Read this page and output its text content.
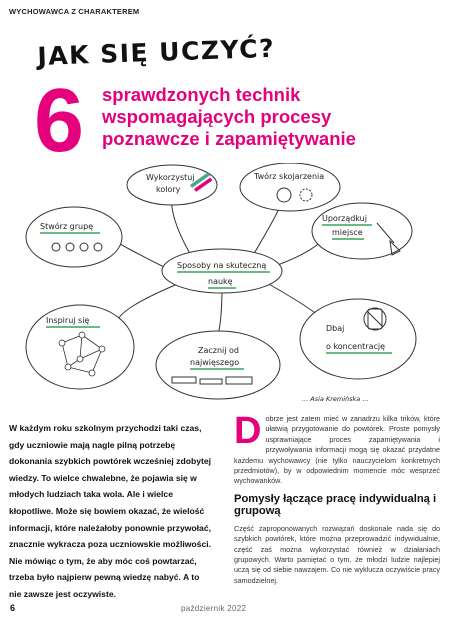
WYCHOWAWCA Z CHARAKTEREM
JAK SIĘ UCZYĆ?
6 sprawdzonych technik
wspomagających procesy
poznawcze i zapamiętywanie
Wykorzystuj
kolory
Twórz skojarzenia
Stwórz grupę
Uporządkuj
miejsce
Sposoby na skuteczną
naukę
Inspiruj się
Dbaj
o koncentrację
Zacznij od
najwięszego
... Asia Kremińska ...
W każdym roku szkolnym przychodzi taki czas, gdy uczniowie mają nagle pilną potrzebę dokonania szybkich powtórek wcześniej zdobytej wiedzy. To wielce chwalebne, że pojawia się w młodych ludziach taka wola. Ale i wielce kłopotliwe. Może się bowiem okazać, że wielość informacji, które należałoby ponownie przywołać, znacznie wykracza poza uczniowskie możliwości. Nie mówiąc o tym, że aby móc coś powtarzać, trzeba było najpierw pewną wiedzę nabyć. A to nie zawsze jest oczywiste.

Dobrze jest zatem mieć w zanadrzu kilka trików, które ułatwią przygotowanie do powtórek. Proste pomysły usprawniające proces zapamiętywania i przywoływania informacji mogą się okazać przydatne każdemu wychowawcy (nie tylko nauczycielom konkretnych przedmiotów), by w odpowiednim momencie móc wesprzeć wychowanków.

Pomysły łączące pracę indywidualną i grupową

Część zaproponowanych rozwiązań doskonale nada się do szybkich powtórek, które można przeprowadzić indywidualnie, część zaś można wykorzystać również w działaniach grupowych. Warto pamiętać o tym, że młodzi ludzie najlepiej uczą się od siebie nawzajem. Co nie wyklucza oczywiście pracy samodzielnej.

6	październik 2022
